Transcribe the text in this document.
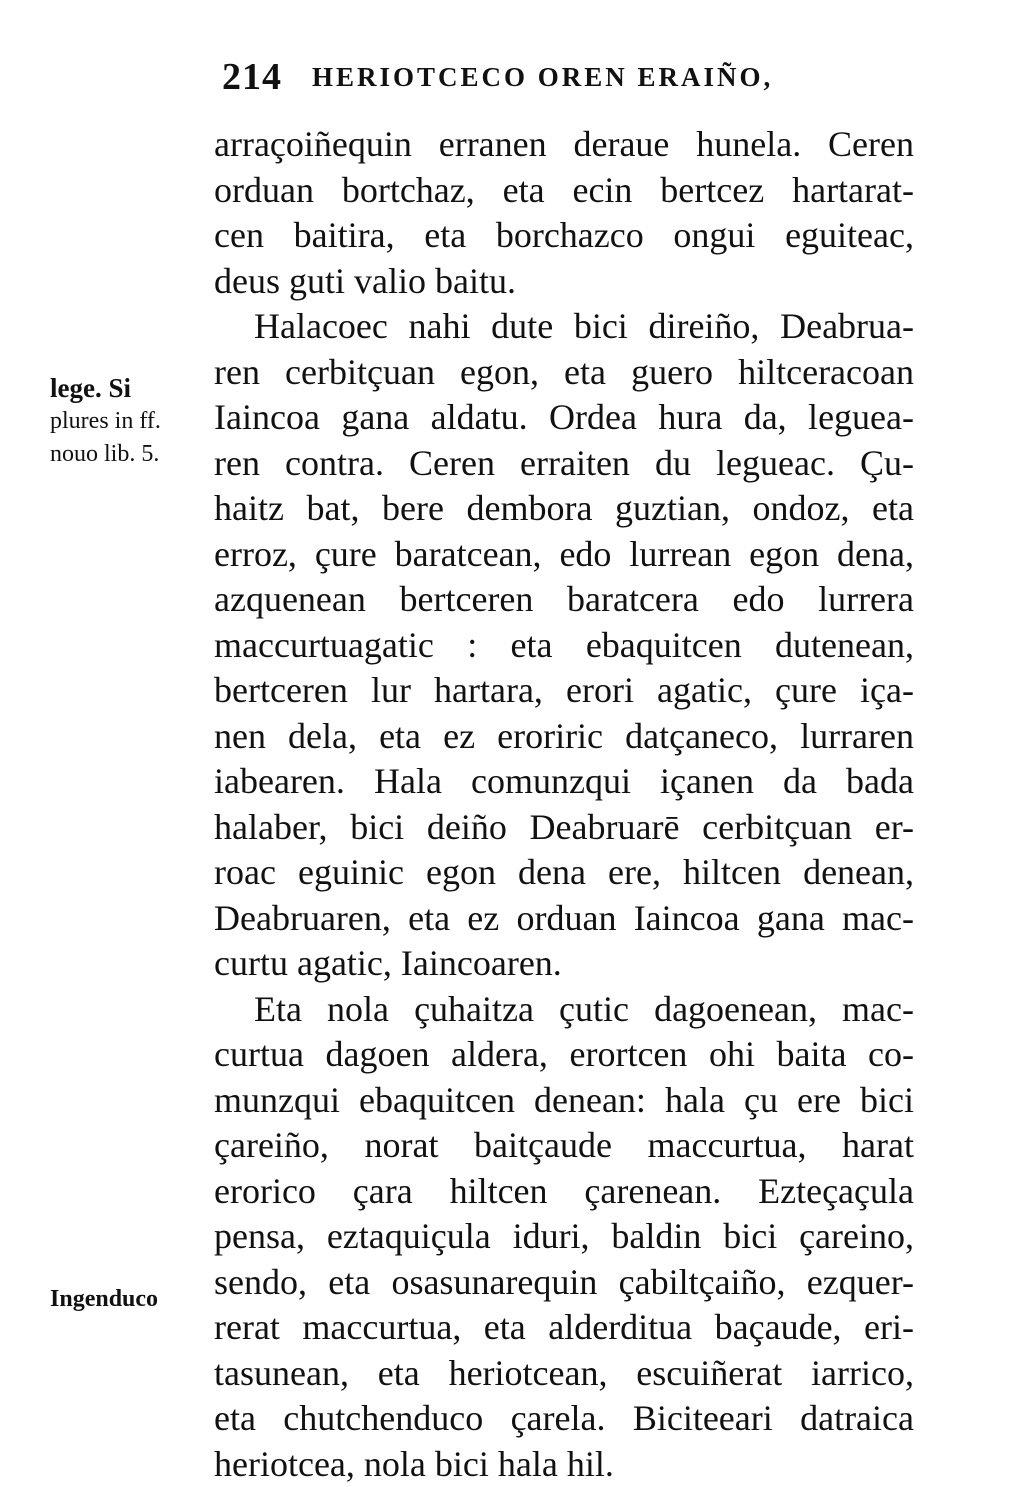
214 HERIOTCECO OREN ERAIÑO,
lege. Si
plures in ff.
nouo lib. 5.
Ingenduco
arraçoiñequin erranen deraue hunela. Ceren
orduan bortchaz, eta ecin bertcez hartarat-
cen baitira, eta borchazco ongui eguiteac,
deus guti valio baitu.
Halacoec nahi dute bici direiño, Deabrua-
ren cerbitçuan egon, eta guero hiltceracoan
Iaincoa gana aldatu. Ordea hura da, leguea-
ren contra. Ceren erraiten du legueac. Çu-
haitz bat, bere dembora guztian, ondoz, eta
erroz, çure baratcean, edo lurrean egon dena,
azquenean bertceren baratcera edo lurrera
maccurtuagatic : eta ebaquitcen dutenean,
bertceren lur hartara, erori agatic, çure iça-
nen dela, eta ez eroriric datçaneco, lurraren
iabearen. Hala comunzqui içanen da bada
halaber, bici deiño Deabruarē cerbitçuan er-
roac eguinic egon dena ere, hiltcen denean,
Deabruaren, eta ez orduan Iaincoa gana mac-
curtu agatic, Iaincoaren.
Eta nola çuhaitza çutic dagoenean, mac-
curtua dagoen aldera, erortcen ohi baita co-
munzqui ebaquitcen denean: hala çu ere bici
çareiño, norat baitçaude maccurtua, harat
erorico çara hiltcen çarenean. Ezteçaçula
pensa, eztaquiçula iduri, baldin bici çareino,
sendo, eta osasunarequin çabiltçaiño, ezquer-
rerat maccurtua, eta alderditua baçaude, eri-
tasunean, eta heriotcean, escuiñerat iarrico,
eta chutchenduco çarela. Biciteeari datraica
heriotcea, nola bici hala hil.
